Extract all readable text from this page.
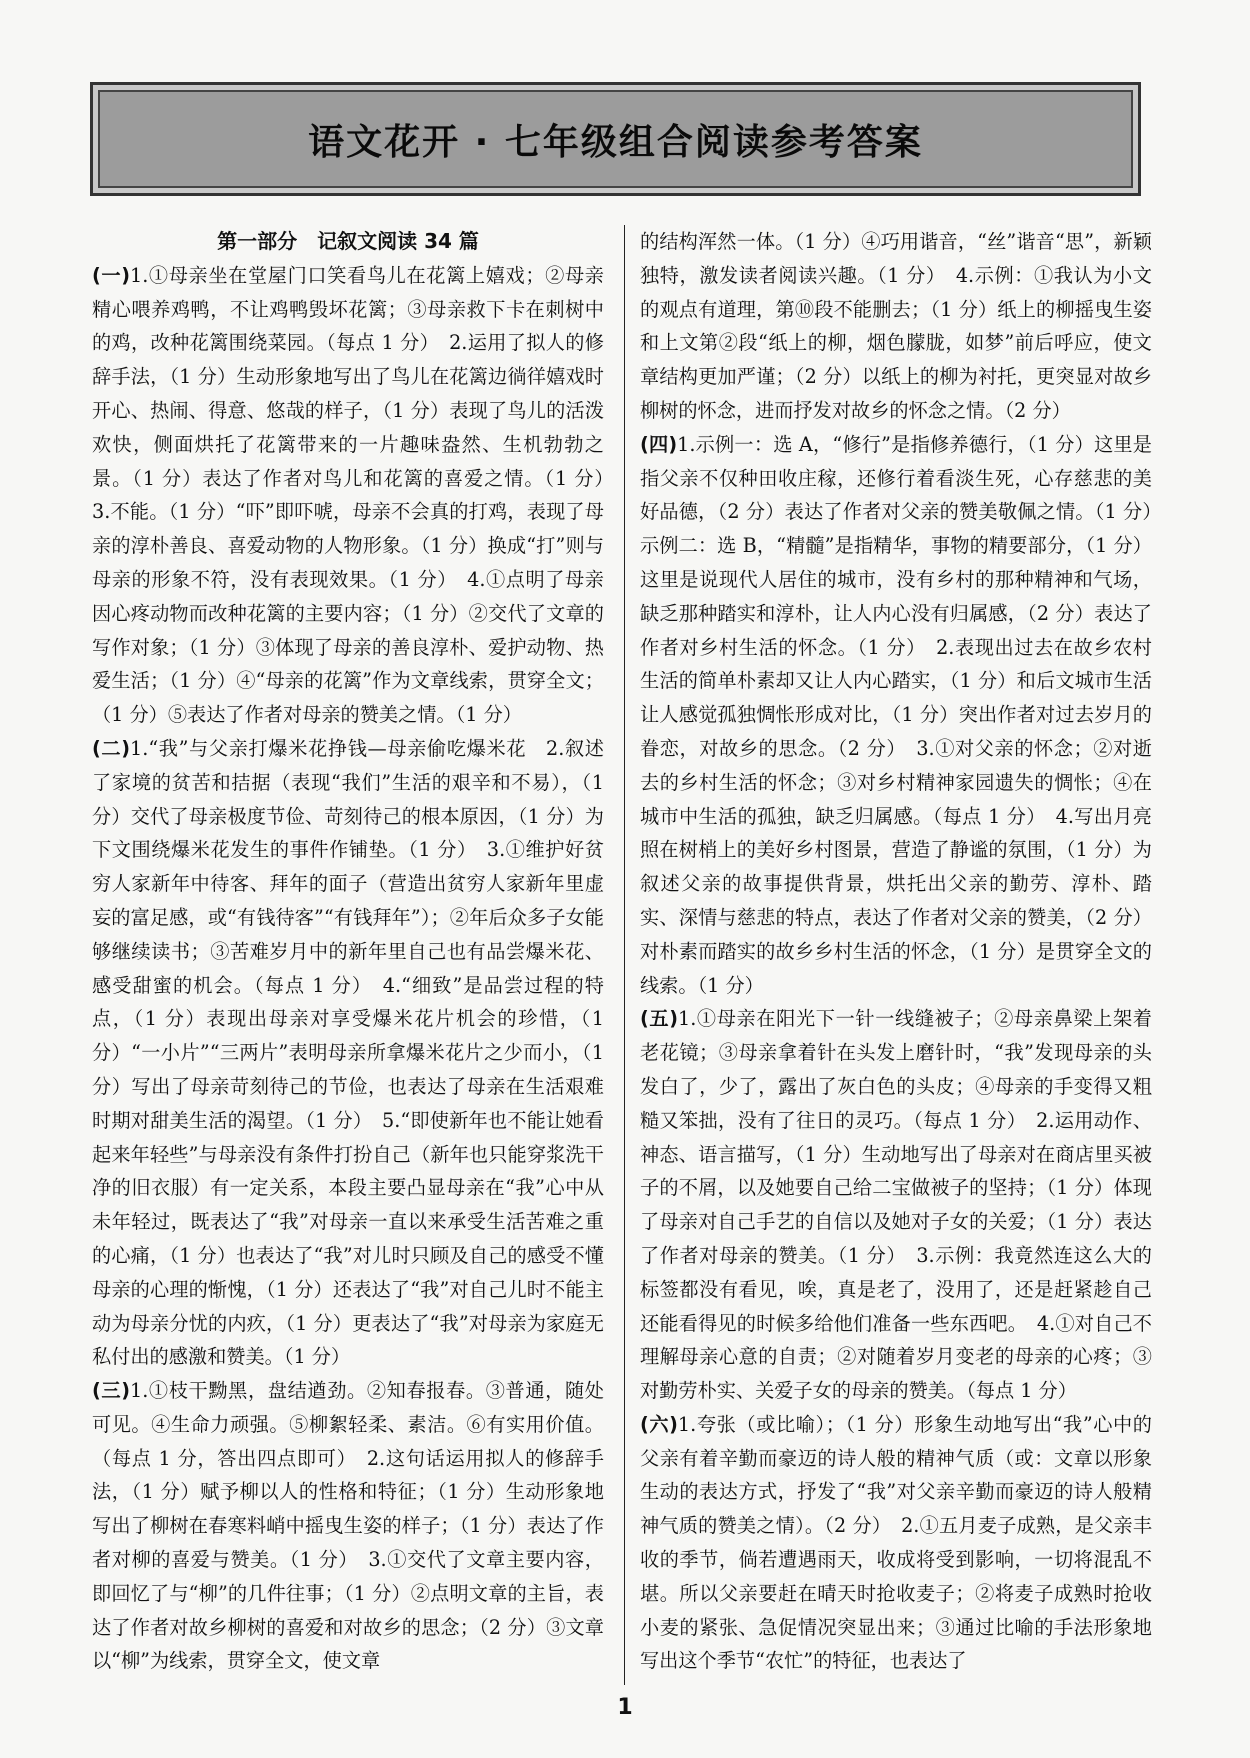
语文花开 · 七年级组合阅读参考答案
第一部分　记叙文阅读 34 篇

(一)1.①母亲坐在堂屋门口笑看鸟儿在花篱上嬉戏；②母亲精心喂养鸡鸭，不让鸡鸭毁坏花篱；③母亲救下卡在刺树中的鸡，改种花篱围绕菜园。（每点 1 分）　2.运用了拟人的修辞手法，（1 分）生动形象地写出了鸟儿在花篱边徜徉嬉戏时开心、热闹、得意、悠哉的样子，（1 分）表现了鸟儿的活泼欢快，侧面烘托了花篱带来的一片趣味盎然、生机勃勃之景。（1 分）表达了作者对鸟儿和花篱的喜爱之情。（1 分）　3.不能。（1 分）“吓”即吓唬，母亲不会真的打鸡，表现了母亲的淳朴善良、喜爱动物的人物形象。（1 分）换成“打”则与母亲的形象不符，没有表现效果。（1 分）　4.①点明了母亲因心疼动物而改种花篱的主要内容；（1 分）②交代了文章的写作对象；（1 分）③体现了母亲的善良淳朴、爱护动物、热爱生活；（1 分）④“母亲的花篱”作为文章线索，贯穿全文；（1 分）⑤表达了作者对母亲的赞美之情。（1 分）

(二)1.“我”与父亲打爆米花挣钱—母亲偷吃爆米花　2.叙述了家境的贫苦和拮据（表现“我们”生活的艰辛和不易），（1 分）交代了母亲极度节俭、苛刻待己的根本原因，（1 分）为下文围绕爆米花发生的事件作铺垫。（1 分）　3.①维护好贫穷人家新年中待客、拜年的面子（营造出贫穷人家新年里虚妄的富足感，或“有钱待客”“有钱拜年”）；②年后众多子女能够继续读书；③苦难岁月中的新年里自己也有品尝爆米花、感受甜蜜的机会。（每点 1 分）　4.“细致”是品尝过程的特点，（1 分）表现出母亲对享受爆米花片机会的珍惜，（1 分）“一小片”“三两片”表明母亲所拿爆米花片之少而小，（1 分）写出了母亲苛刻待己的节俭，也表达了母亲在生活艰难时期对甜美生活的渴望。（1 分）　5.“即使新年也不能让她看起来年轻些”与母亲没有条件打扮自己（新年也只能穿浆洗干净的旧衣服）有一定关系，本段主要凸显母亲在“我”心中从未年轻过，既表达了“我”对母亲一直以来承受生活苦难之重的心痛，（1 分）也表达了“我”对儿时只顾及自己的感受不懂母亲的心理的惭愧，（1 分）还表达了“我”对自己儿时不能主动为母亲分忧的内疚，（1 分）更表达了“我”对母亲为家庭无私付出的感激和赞美。（1 分）

(三)1.①枝干黝黑，盘结遒劲。②知春报春。③普通，随处可见。④生命力顽强。⑤柳絮轻柔、素洁。⑥有实用价值。（每点 1 分，答出四点即可）　2.这句话运用拟人的修辞手法，（1 分）赋予柳以人的性格和特征；（1 分）生动形象地写出了柳树在春寒料峭中摇曳生姿的样子；（1 分）表达了作者对柳的喜爱与赞美。（1 分）　3.①交代了文章主要内容，即回忆了与“柳”的几件往事；（1 分）②点明文章的主旨，表达了作者对故乡柳树的喜爱和对故乡的思念；（2 分）③文章以“柳”为线索，贯穿全文，使文章

的结构浑然一体。（1 分）④巧用谐音，“丝”谐音“思”，新颖独特，激发读者阅读兴趣。（1 分）　4.示例：①我认为小文的观点有道理，第⑩段不能删去；（1 分）纸上的柳摇曳生姿和上文第②段“纸上的柳，烟色朦胧，如梦”前后呼应，使文章结构更加严谨；（2 分）以纸上的柳为衬托，更突显对故乡柳树的怀念，进而抒发对故乡的怀念之情。（2 分）

(四)1.示例一：选 A，“修行”是指修养德行，（1 分）这里是指父亲不仅种田收庄稼，还修行着看淡生死，心存慈悲的美好品德，（2 分）表达了作者对父亲的赞美敬佩之情。（1 分）　示例二：选 B，“精髓”是指精华，事物的精要部分，（1 分）这里是说现代人居住的城市，没有乡村的那种精神和气场，缺乏那种踏实和淳朴，让人内心没有归属感，（2 分）表达了作者对乡村生活的怀念。（1 分）　2.表现出过去在故乡农村生活的简单朴素却又让人内心踏实，（1 分）和后文城市生活让人感觉孤独惆怅形成对比，（1 分）突出作者对过去岁月的眷恋，对故乡的思念。（2 分）　3.①对父亲的怀念；②对逝去的乡村生活的怀念；③对乡村精神家园遗失的惆怅；④在城市中生活的孤独，缺乏归属感。（每点 1 分）　4.写出月亮照在树梢上的美好乡村图景，营造了静谧的氛围，（1 分）为叙述父亲的故事提供背景，烘托出父亲的勤劳、淳朴、踏实、深情与慈悲的特点，表达了作者对父亲的赞美，（2 分）对朴素而踏实的故乡乡村生活的怀念，（1 分）是贯穿全文的线索。（1 分）

(五)1.①母亲在阳光下一针一线缝被子；②母亲鼻梁上架着老花镜；③母亲拿着针在头发上磨针时，“我”发现母亲的头发白了，少了，露出了灰白色的头皮；④母亲的手变得又粗糙又笨拙，没有了往日的灵巧。（每点 1 分）　2.运用动作、神态、语言描写，（1 分）生动地写出了母亲对在商店里买被子的不屑，以及她要自己给二宝做被子的坚持；（1 分）体现了母亲对自己手艺的自信以及她对子女的关爱；（1 分）表达了作者对母亲的赞美。（1 分）　3.示例：我竟然连这么大的标签都没有看见，唉，真是老了，没用了，还是赶紧趁自己还能看得见的时候多给他们准备一些东西吧。　4.①对自己不理解母亲心意的自责；②对随着岁月变老的母亲的心疼；③对勤劳朴实、关爱子女的母亲的赞美。（每点 1 分）

(六)1.夸张（或比喻）；（1 分）形象生动地写出“我”心中的父亲有着辛勤而豪迈的诗人般的精神气质（或：文章以形象生动的表达方式，抒发了“我”对父亲辛勤而豪迈的诗人般精神气质的赞美之情）。（2 分）　2.①五月麦子成熟，是父亲丰收的季节，倘若遭遇雨天，收成将受到影响，一切将混乱不堪。所以父亲要赶在晴天时抢收麦子；②将麦子成熟时抢收小麦的紧张、急促情况突显出来；③通过比喻的手法形象地写出这个季节“农忙”的特征，也表达了

1
